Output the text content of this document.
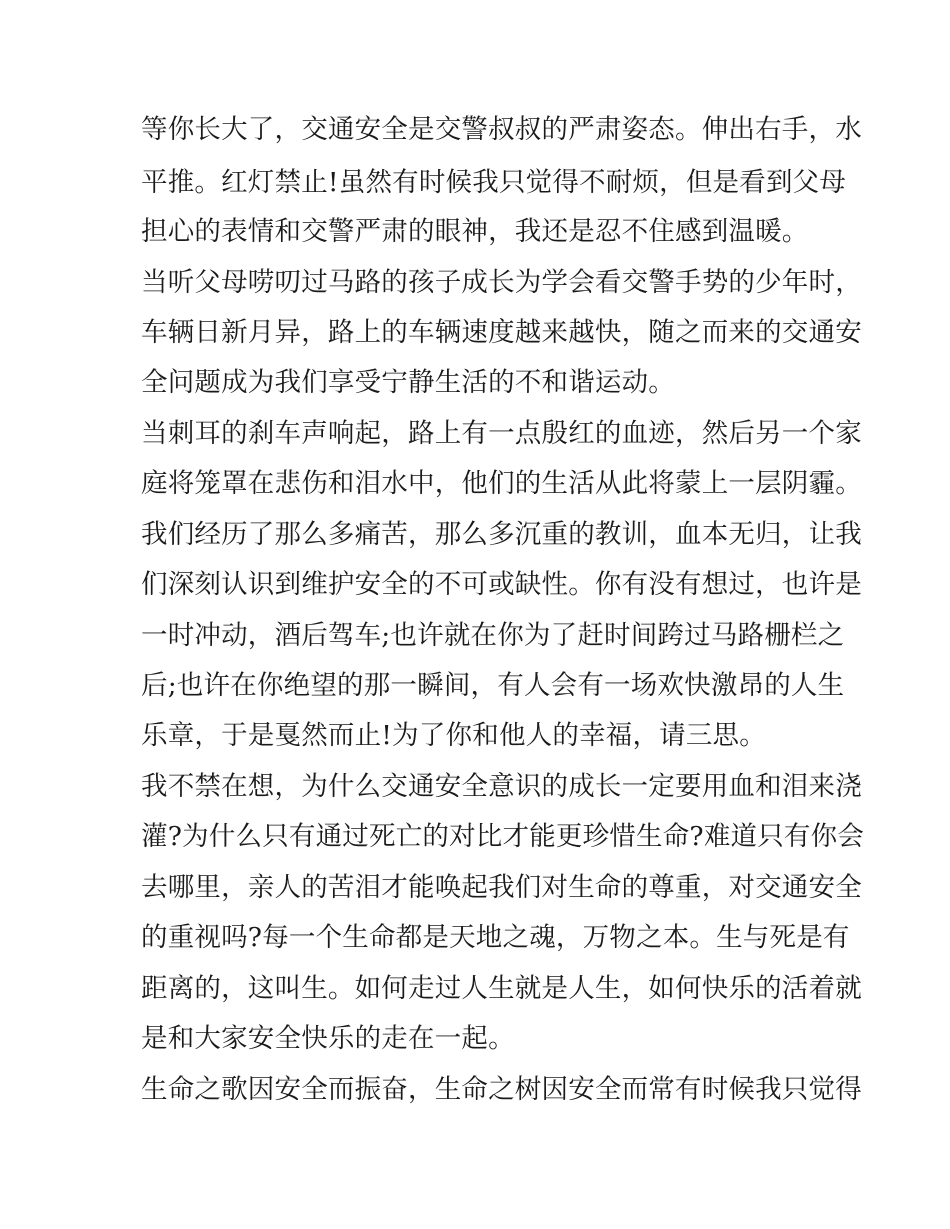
等你长大了，交通安全是交警叔叔的严肃姿态。伸出右手，水
平推。红灯禁止!虽然有时候我只觉得不耐烦，但是看到父母
担心的表情和交警严肃的眼神，我还是忍不住感到温暖。
当听父母唠叨过马路的孩子成长为学会看交警手势的少年时，
车辆日新月异，路上的车辆速度越来越快，随之而来的交通安
全问题成为我们享受宁静生活的不和谐运动。
当刺耳的刹车声响起，路上有一点殷红的血迹，然后另一个家
庭将笼罩在悲伤和泪水中，他们的生活从此将蒙上一层阴霾。
我们经历了那么多痛苦，那么多沉重的教训，血本无归，让我
们深刻认识到维护安全的不可或缺性。你有没有想过，也许是
一时冲动，酒后驾车;也许就在你为了赶时间跨过马路栅栏之
后;也许在你绝望的那一瞬间，有人会有一场欢快激昂的人生
乐章，于是戛然而止!为了你和他人的幸福，请三思。
我不禁在想，为什么交通安全意识的成长一定要用血和泪来浇
灌?为什么只有通过死亡的对比才能更珍惜生命?难道只有你会
去哪里，亲人的苦泪才能唤起我们对生命的尊重，对交通安全
的重视吗?每一个生命都是天地之魂，万物之本。生与死是有
距离的，这叫生。如何走过人生就是人生，如何快乐的活着就
是和大家安全快乐的走在一起。
生命之歌因安全而振奋，生命之树因安全而常有时候我只觉得
